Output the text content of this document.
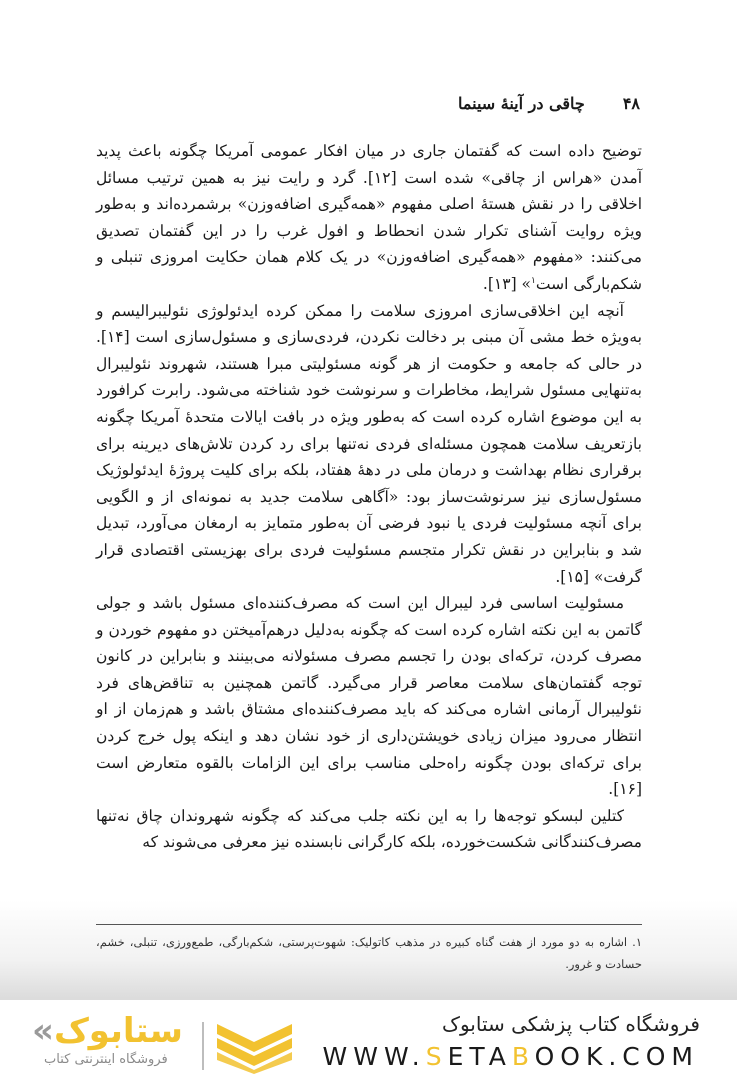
۴۸
چاقی در آینهٔ سینما

توضیح داده است که گفتمان جاری در میان افکار عمومی آمریکا چگونه باعث پدید آمدن «هراس از چاقی» شده است [۱۲]. گرد و رایت نیز به همین ترتیب مسائل اخلاقی را در نقش هستهٔ اصلی مفهوم «همه‌گیری اضافه‌وزن» برشمرده‌اند و به‌طور ویژه روایت آشنای تکرار شدن انحطاط و افول غرب را در این گفتمان تصدیق می‌کنند: «مفهوم «همه‌گیری اضافه‌وزن» در یک کلام همان حکایت امروزی تنبلی و شکم‌بارگی است$^۱$» [۱۳].

آنچه این اخلاقی‌سازی امروزی سلامت را ممکن کرده ایدئولوژی نئولیبرالیسم و به‌ویژه خط مشی آن مبنی بر دخالت نکردن، فردی‌سازی و مسئول‌سازی است [۱۴]. در حالی که جامعه و حکومت از هر گونه مسئولیتی مبرا هستند، شهروند نئولیبرال به‌تنهایی مسئول شرایط، مخاطرات و سرنوشت خود شناخته می‌شود. رابرت کرافورد به این موضوع اشاره کرده است که به‌طور ویژه در بافت ایالات متحدهٔ آمریکا چگونه بازتعریف سلامت همچون مسئله‌ای فردی نه‌تنها برای رد کردن تلاش‌های دیرینه برای برقراری نظام بهداشت و درمان ملی در دههٔ هفتاد، بلکه برای کلیت پروژهٔ ایدئولوژیک مسئول‌سازی نیز سرنوشت‌ساز بود: «آگاهی سلامت جدید به نمونه‌ای از و الگویی برای آنچه مسئولیت فردی یا نبود فرضی آن به‌طور متمایز به ارمغان می‌آورد، تبدیل شد و بنابراین در نقش تکرار متجسم مسئولیت فردی برای بهزیستی اقتصادی قرار گرفت» [۱۵].

مسئولیت اساسی فرد لیبرال این است که مصرف‌کننده‌ای مسئول باشد و جولی گاتمن به این نکته اشاره کرده است که چگونه به‌دلیل درهم‌آمیختن دو مفهوم خوردن و مصرف کردن، ترکه‌ای بودن را تجسم مصرف مسئولانه می‌بینند و بنابراین در کانون توجه گفتمان‌های سلامت معاصر قرار می‌گیرد. گاتمن همچنین به تناقض‌های فرد نئولیبرال آرمانی اشاره می‌کند که باید مصرف‌کننده‌ای مشتاق باشد و هم‌زمان از او انتظار می‌رود میزان زیادی خویشتن‌داری از خود نشان دهد و اینکه پول خرج کردن برای ترکه‌ای بودن چگونه راه‌حلی مناسب برای این الزامات بالقوه متعارض است [۱۶].

کتلین لبسکو توجه‌ها را به این نکته جلب می‌کند که چگونه شهروندان چاق نه‌تنها مصرف‌کنندگانی شکست‌خورده، بلکه کارگرانی نابسنده نیز معرفی می‌شوند که

۱. اشاره به دو مورد از هفت گناه کبیره در مذهب کاتولیک: شهوت‌پرستی، شکم‌بارگی، طمع‌ورزی، تنبلی، خشم، حسادت و غرور.
«ستابوک
فروشگاه اینترنتی کتاب
فروشگاه کتاب پزشکی ستابوک
WWW.SETABOOK.COM
